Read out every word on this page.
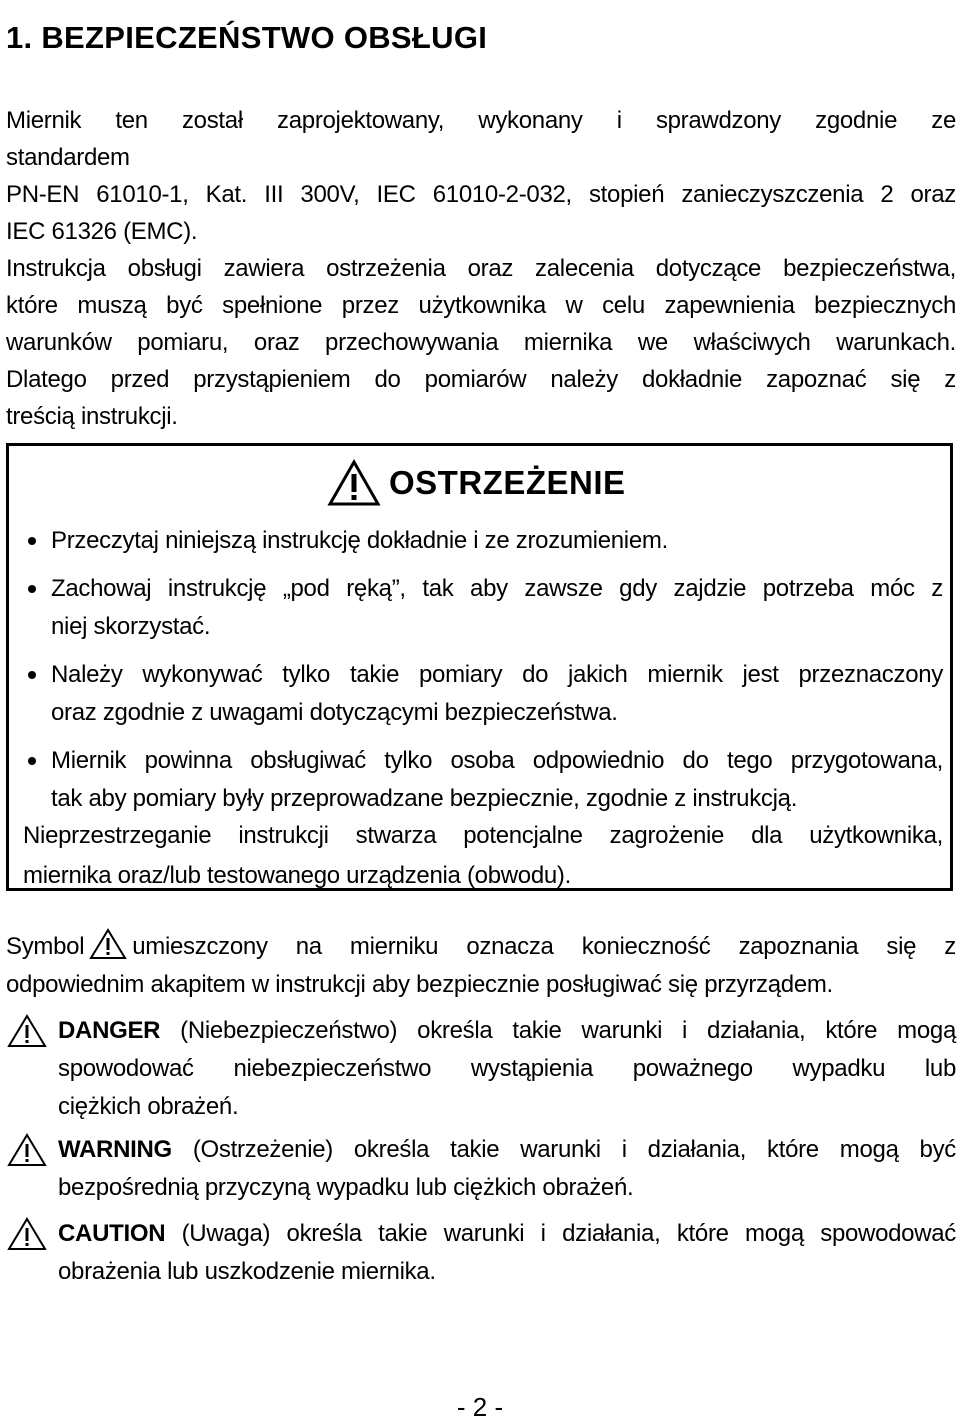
1. BEZPIECZEŃSTWO OBSŁUGI
Miernik ten został zaprojektowany, wykonany i sprawdzony zgodnie ze
standardem
PN-EN 61010-1, Kat. III 300V, IEC 61010-2-032, stopień zanieczyszczenia 2 oraz
IEC 61326 (EMC).
Instrukcja obsługi zawiera ostrzeżenia oraz zalecenia dotyczące bezpieczeństwa,
które muszą być spełnione przez użytkownika w celu zapewnienia bezpiecznych
warunków pomiaru, oraz przechowywania miernika we właściwych warunkach.
Dlatego przed przystąpieniem do pomiarów należy dokładnie zapoznać się z
treścią instrukcji.
OSTRZEŻENIE
Przeczytaj niniejszą instrukcję dokładnie i ze zrozumieniem.
Zachowaj instrukcję „pod ręką”, tak aby zawsze gdy zajdzie potrzeba móc z
niej skorzystać.
Należy wykonywać tylko takie pomiary do jakich miernik jest przeznaczony
oraz zgodnie z uwagami dotyczącymi bezpieczeństwa.
Miernik powinna obsługiwać tylko osoba odpowiednio do tego przygotowana,
tak aby pomiary były przeprowadzane bezpiecznie, zgodnie z instrukcją.
Nieprzestrzeganie instrukcji stwarza potencjalne zagrożenie dla użytkownika,
miernika oraz/lub testowanego urządzenia (obwodu).
Symbol umieszczony na mierniku oznacza konieczność zapoznania się z
odpowiednim akapitem w instrukcji aby bezpiecznie posługiwać się przyrządem.
DANGER (Niebezpieczeństwo) określa takie warunki i działania, które mogą
spowodować niebezpieczeństwo wystąpienia poważnego wypadku lub
ciężkich obrażeń.
WARNING (Ostrzeżenie) określa takie warunki i działania, które mogą być
bezpośrednią przyczyną wypadku lub ciężkich obrażeń.
CAUTION (Uwaga) określa takie warunki i działania, które mogą spowodować
obrażenia lub uszkodzenie miernika.
- 2 -
